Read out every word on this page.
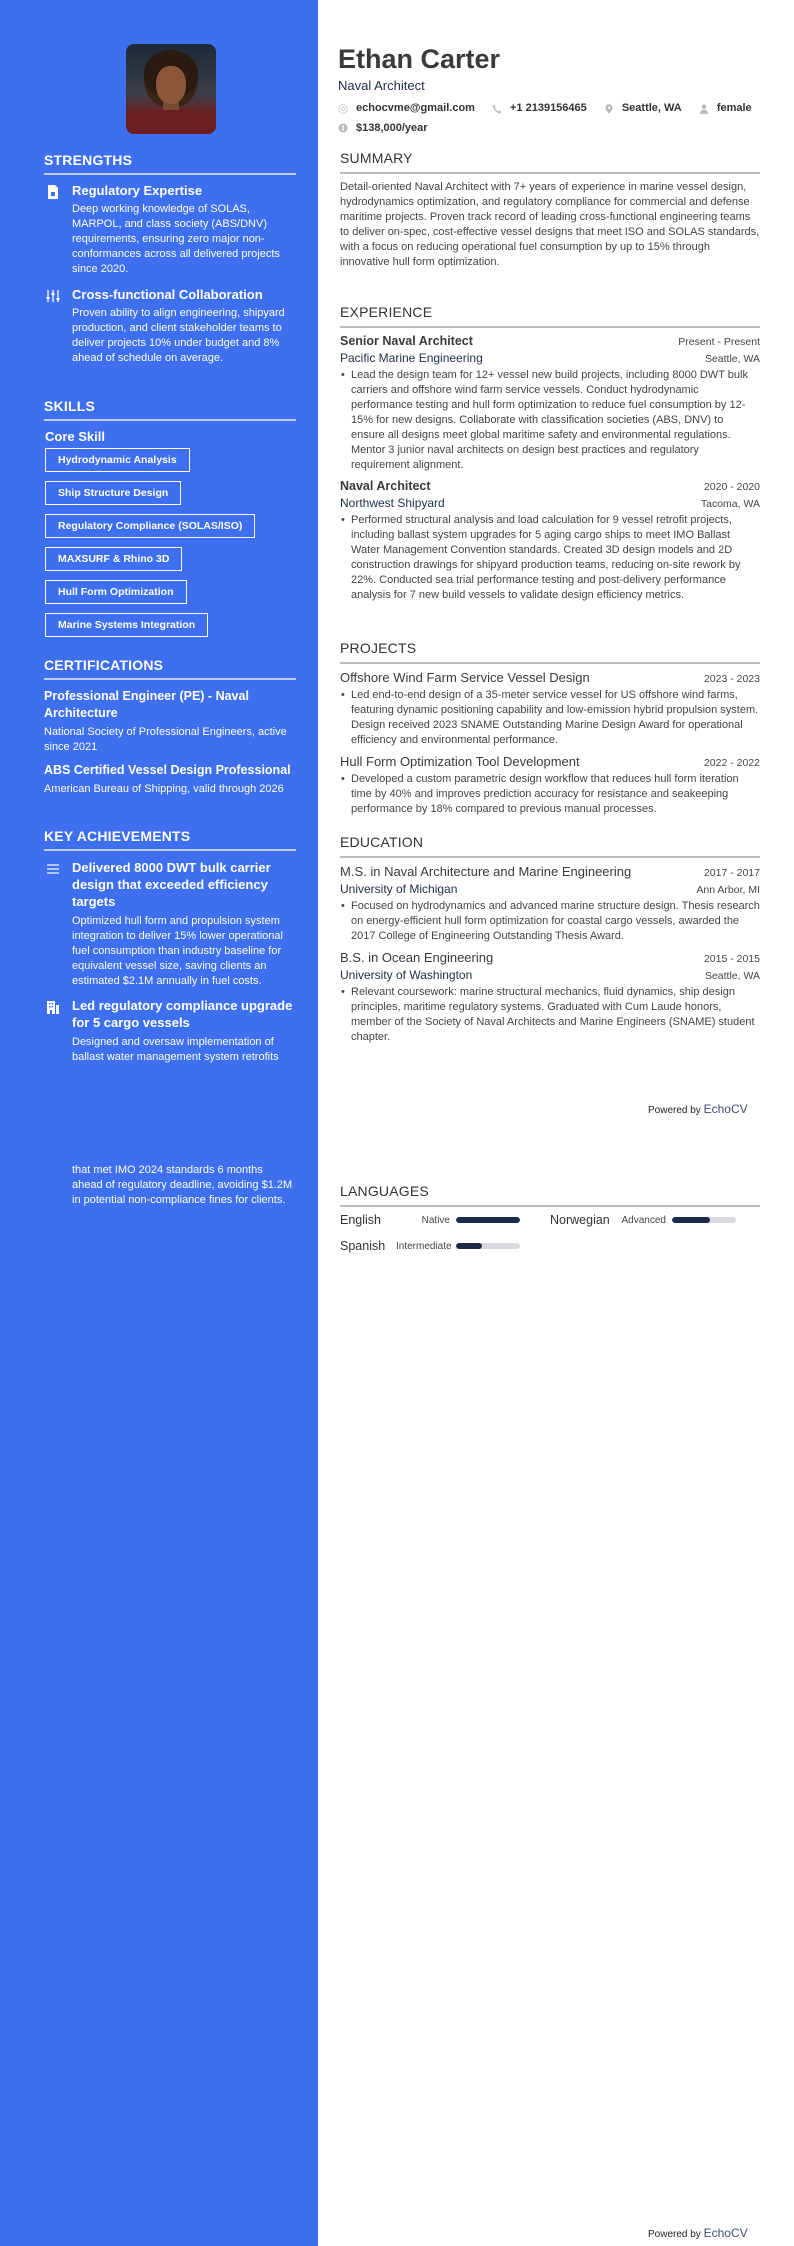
STRENGTHS
Regulatory Expertise
Deep working knowledge of SOLAS, MARPOL, and class society (ABS/DNV) requirements, ensuring zero major non-conformances across all delivered projects since 2020.
Cross-functional Collaboration
Proven ability to align engineering, shipyard production, and client stakeholder teams to deliver projects 10% under budget and 8% ahead of schedule on average.
SKILLS
Core Skill
Hydrodynamic Analysis
Ship Structure Design
Regulatory Compliance (SOLAS/ISO)
MAXSURF & Rhino 3D
Hull Form Optimization
Marine Systems Integration
CERTIFICATIONS
Professional Engineer (PE) - Naval Architecture
National Society of Professional Engineers, active since 2021
ABS Certified Vessel Design Professional
American Bureau of Shipping, valid through 2026
KEY ACHIEVEMENTS
Delivered 8000 DWT bulk carrier design that exceeded efficiency targets
Optimized hull form and propulsion system integration to deliver 15% lower operational fuel consumption than industry baseline for equivalent vessel size, saving clients an estimated $2.1M annually in fuel costs.
Led regulatory compliance upgrade for 5 cargo vessels
Designed and oversaw implementation of ballast water management system retrofits
that met IMO 2024 standards 6 months ahead of regulatory deadline, avoiding $1.2M in potential non-compliance fines for clients.
Ethan Carter
Naval Architect
echocvme@gmail.com
	+1 2139156465
	Seattle, WA
	female

$138,000/year
SUMMARY

Detail-oriented Naval Architect with 7+ years of experience in marine vessel design, hydrodynamics optimization, and regulatory compliance for commercial and defense maritime projects. Proven track record of leading cross-functional engineering teams to deliver on-spec, cost-effective vessel designs that meet ISO and SOLAS standards, with a focus on reducing operational fuel consumption by up to 15% through innovative hull form optimization.

EXPERIENCE
Senior Naval Architect	Present - Present
Pacific Marine Engineering	Seattle, WA
• Lead the design team for 12+ vessel new build projects, including 8000 DWT bulk carriers and offshore wind farm service vessels. Conduct hydrodynamic performance testing and hull form optimization to reduce fuel consumption by 12-15% for new designs. Collaborate with classification societies (ABS, DNV) to ensure all designs meet global maritime safety and environmental regulations. Mentor 3 junior naval architects on design best practices and regulatory requirement alignment.
Naval Architect	2020 - 2020
Northwest Shipyard	Tacoma, WA
• Performed structural analysis and load calculation for 9 vessel retrofit projects, including ballast system upgrades for 5 aging cargo ships to meet IMO Ballast Water Management Convention standards. Created 3D design models and 2D construction drawings for shipyard production teams, reducing on-site rework by 22%. Conducted sea trial performance testing and post-delivery performance analysis for 7 new build vessels to validate design efficiency metrics.
PROJECTS
Offshore Wind Farm Service Vessel Design	2023 - 2023
• Led end-to-end design of a 35-meter service vessel for US offshore wind farms, featuring dynamic positioning capability and low-emission hybrid propulsion system. Design received 2023 SNAME Outstanding Marine Design Award for operational efficiency and environmental performance.
Hull Form Optimization Tool Development	2022 - 2022
• Developed a custom parametric design workflow that reduces hull form iteration time by 40% and improves prediction accuracy for resistance and seakeeping performance by 18% compared to previous manual processes.
EDUCATION
M.S. in Naval Architecture and Marine Engineering	2017 - 2017
University of Michigan	Ann Arbor, MI
• Focused on hydrodynamics and advanced marine structure design. Thesis research on energy-efficient hull form optimization for coastal cargo vessels, awarded the 2017 College of Engineering Outstanding Thesis Award.
B.S. in Ocean Engineering	2015 - 2015
University of Washington	Seattle, WA
• Relevant coursework: marine structural mechanics, fluid dynamics, ship design principles, maritime regulatory systems. Graduated with Cum Laude honors, member of the Society of Naval Architects and Marine Engineers (SNAME) student chapter.
Powered by EchoCV
LANGUAGES
English	Native	Norwegian	Advanced
Spanish	Intermediate
Powered by EchoCV
